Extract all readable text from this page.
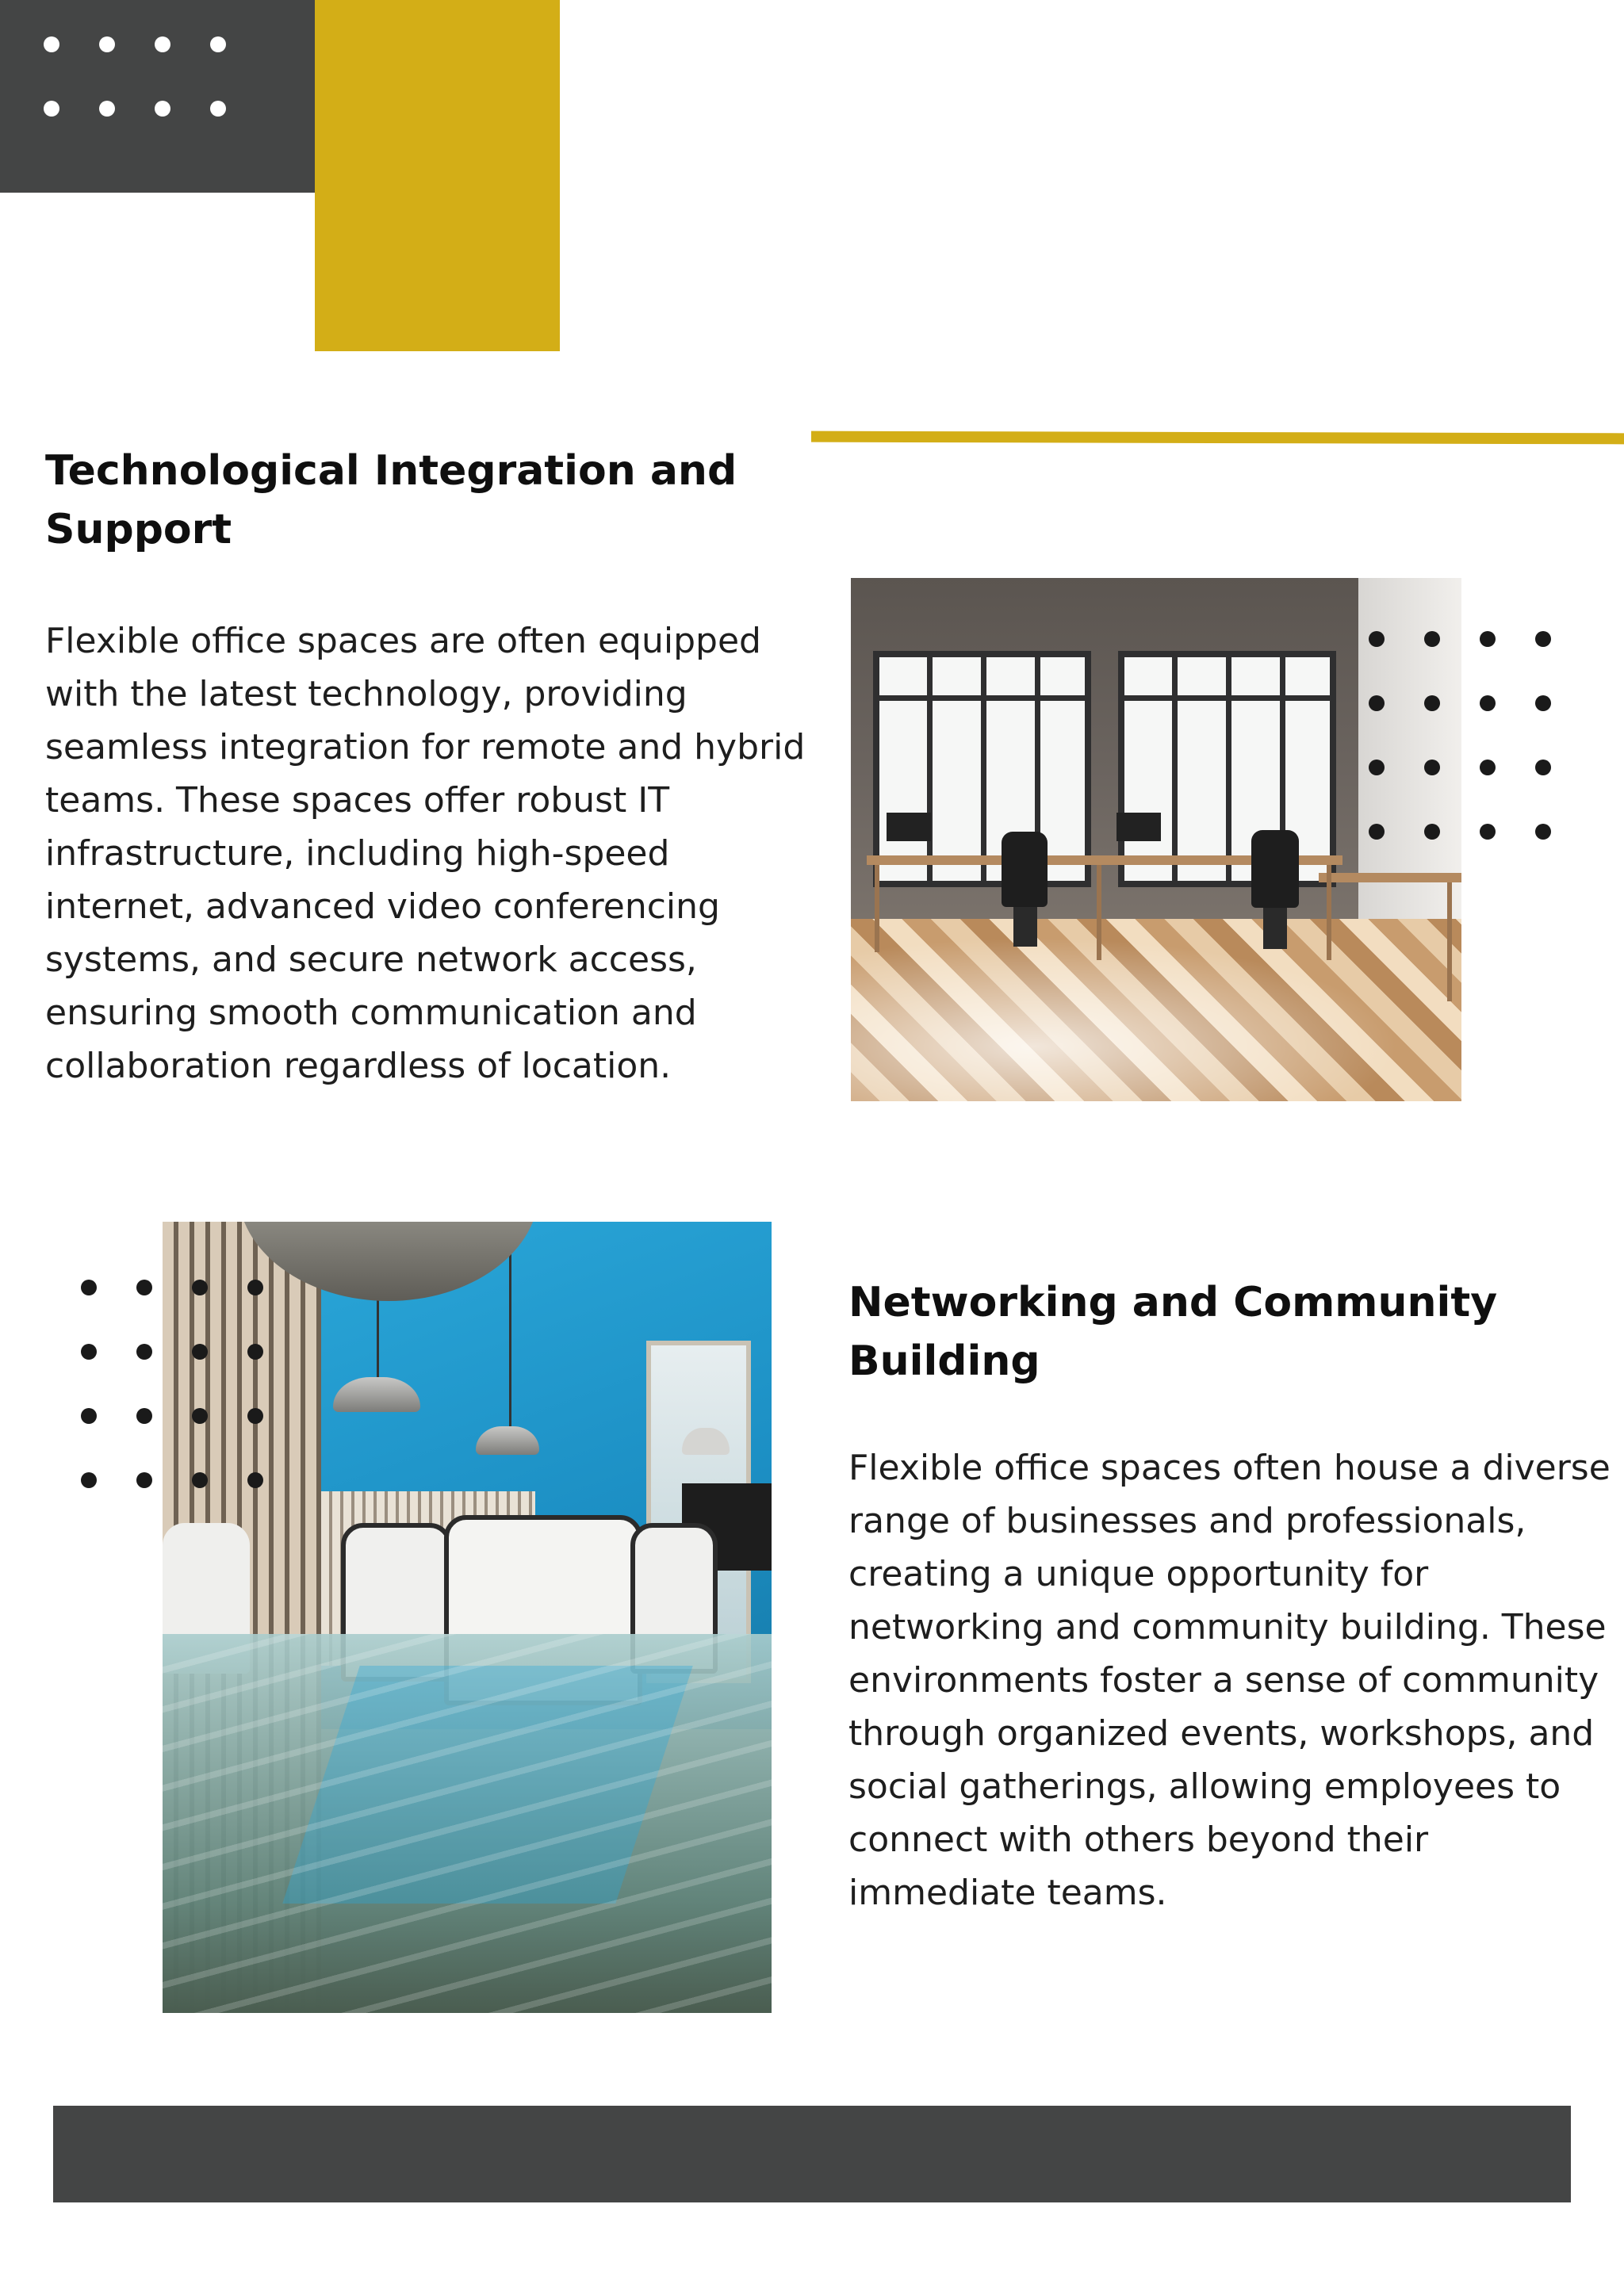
Technological Integration and Support

Flexible office spaces are often equipped with the latest technology, providing seamless integration for remote and hybrid teams. These spaces offer robust IT infrastructure, including high-speed internet, advanced video conferencing systems, and secure network access, ensuring smooth communication and collaboration regardless of location.

Networking and Community Building

Flexible office spaces often house a diverse range of businesses and professionals, creating a unique opportunity for networking and community building. These environments foster a sense of community through organized events, workshops, and social gatherings, allowing employees to connect with others beyond their immediate teams.
